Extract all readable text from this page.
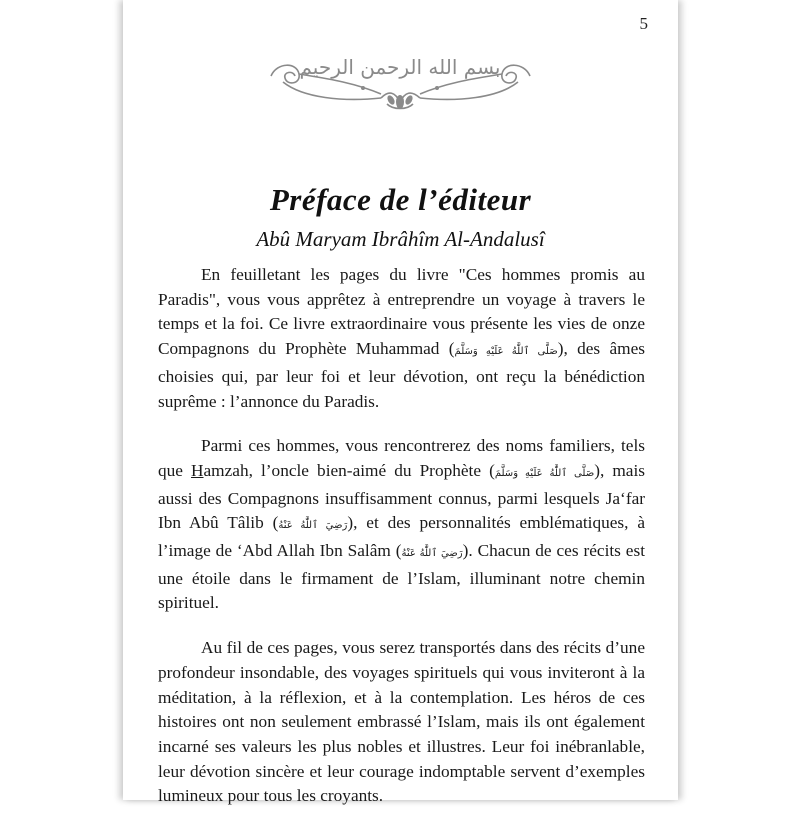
5
بسم الله الرحمن الرحيم
Préface de l’éditeur
Abû Maryam Ibrâhîm Al-Andalusî

En feuilletant les pages du livre "Ces hommes promis au Paradis", vous vous apprêtez à entreprendre un voyage à travers le temps et la foi. Ce livre extraordinaire vous présente les vies de onze Compagnons du Prophète Muhammad (صَلَّى ٱللَّٰهُ عَلَيْهِ وَسَلَّمَ), des âmes choisies qui, par leur foi et leur dévotion, ont reçu la bénédiction suprême : l’annonce du Paradis.

Parmi ces hommes, vous rencontrerez des noms familiers, tels que Hamzah, l’oncle bien-aimé du Prophète (صَلَّى ٱللَّٰهُ عَلَيْهِ وَسَلَّمَ), mais aussi des Compagnons insuffisamment connus, parmi lesquels Ja‘far Ibn Abû Tâlib (رَضِيَ ٱللَّٰهُ عَنْهُ), et des personnalités emblématiques, à l’image de ‘Abd Allah Ibn Salâm (رَضِيَ ٱللَّٰهُ عَنْهُ). Chacun de ces récits est une étoile dans le firmament de l’Islam, illuminant notre chemin spirituel.

Au fil de ces pages, vous serez transportés dans des récits d’une profondeur insondable, des voyages spirituels qui vous inviteront à la méditation, à la réflexion, et à la contemplation. Les héros de ces histoires ont non seulement embrassé l’Islam, mais ils ont également incarné ses valeurs les plus nobles et illustres. Leur foi inébranlable, leur dévotion sincère et leur courage indomptable servent d’exemples lumineux pour tous les croyants.
